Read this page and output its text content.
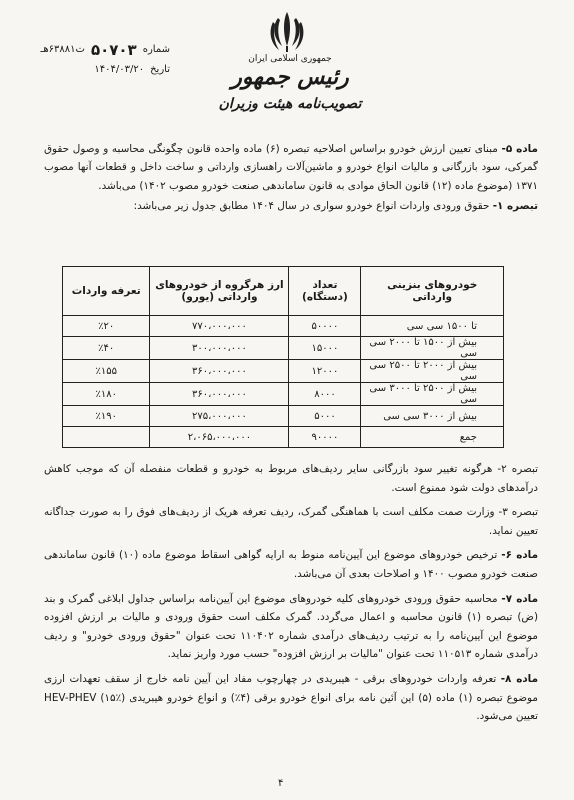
شماره
۵۰۷۰۳
ت۶۳۸۸۱هـ
تاریخ
۱۴۰۴/۰۳/۲۰
جمهوری اسلامی ایران
رئیس جمهور
تصویب‌نامه هیئت وزیران

ماده ۵- مبنای تعیین ارزش خودرو براساس اصلاحیه تبصره (۶) ماده واحده قانون چگونگی محاسبه و وصول حقوق گمرکی، سود بازرگانی و مالیات انواع خودرو و ماشین‌آلات راهسازی وارداتی و ساخت داخل و قطعات آنها مصوب ۱۳۷۱ (موضوع ماده (۱۲) قانون الحاق موادی به قانون ساماندهی صنعت خودرو مصوب ۱۴۰۲) می‌باشد.

تبصره ۱- حقوق ورودی واردات انواع خودرو سواری در سال ۱۴۰۴ مطابق جدول زیر می‌باشد:

خودروهای بنزینی وارداتی	تعداد (دستگاه)	ارز هرگروه از خودروهای وارداتی (یورو)	تعرفه واردات
تا ۱۵۰۰ سی سی	۵۰۰۰۰	۷۷۰،۰۰۰،۰۰۰	٪۲۰
بیش از ۱۵۰۰ تا ۲۰۰۰ سی سی	۱۵۰۰۰	۳۰۰،۰۰۰،۰۰۰	٪۴۰
بیش از ۲۰۰۰ تا ۲۵۰۰ سی سی	۱۲۰۰۰	۳۶۰،۰۰۰،۰۰۰	٪۱۵۵
بیش از ۲۵۰۰ تا ۳۰۰۰ سی سی	۸۰۰۰	۳۶۰،۰۰۰،۰۰۰	٪۱۸۰
بیش از ۳۰۰۰ سی سی	۵۰۰۰	۲۷۵،۰۰۰،۰۰۰	٪۱۹۰
جمع	۹۰۰۰۰	۲،۰۶۵،۰۰۰،۰۰۰	

تبصره ۲- هرگونه تغییر سود بازرگانی سایر ردیف‌های مربوط به خودرو و قطعات منفصله آن که موجب کاهش درآمدهای دولت شود ممنوع است.

تبصره ۳- وزارت صمت مکلف است با هماهنگی گمرک، ردیف تعرفه هریک از ردیف‌های فوق را به صورت جداگانه تعیین نماید.

ماده ۶- ترخیص خودروهای موضوع این آیین‌نامه منوط به ارایه گواهی اسقاط موضوع ماده (۱۰) قانون ساماندهی صنعت خودرو مصوب ۱۴۰۰ و اصلاحات بعدی آن می‌باشد.

ماده ۷- محاسبه حقوق ورودی خودروهای کلیه خودروهای موضوع این آیین‌نامه براساس جداول ابلاغی گمرک و بند (ض) تبصره (۱) قانون محاسبه و اعمال می‌گردد. گمرک مکلف است حقوق ورودی و مالیات بر ارزش افزوده موضوع این آیین‌نامه را به ترتیب ردیف‌های درآمدی شماره ۱۱۰۴۰۲ تحت عنوان "حقوق ورودی خودرو" و ردیف درآمدی شماره ۱۱۰۵۱۳ تحت عنوان "مالیات بر ارزش افزوده" حسب مورد واریز نماید.

ماده ۸- تعرفه واردات خودروهای برقی - هیبریدی در چهارچوب مفاد این آیین نامه خارج از سقف تعهدات ارزی موضوع تبصره (۱) ماده (۵) این آئین نامه برای انواع خودرو برقی (۴٪) و انواع خودرو هیبریدی HEV-PHEV (۱۵٪) تعیین می‌شود.

۴
